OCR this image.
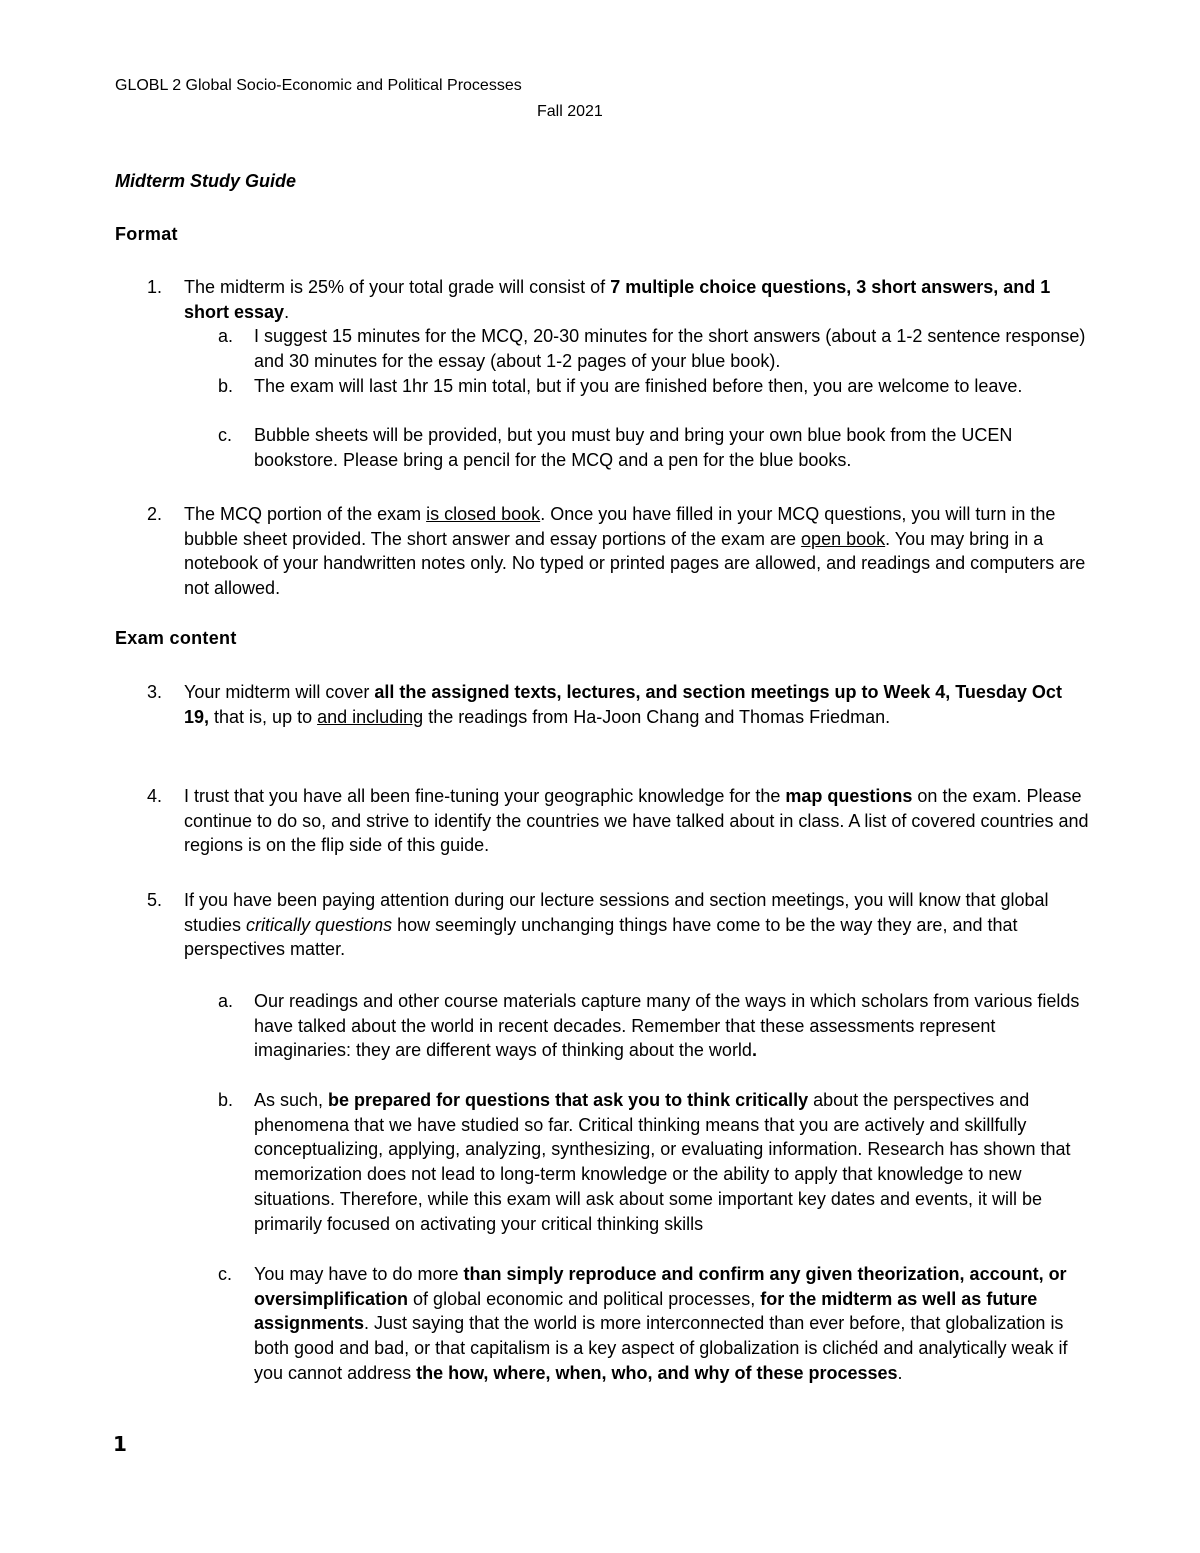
GLOBL 2 Global Socio-Economic and Political Processes
Fall 2021
Midterm Study Guide
Format
1. The midterm is 25% of your total grade will consist of 7 multiple choice questions, 3 short answers, and 1 short essay.
a. I suggest 15 minutes for the MCQ, 20-30 minutes for the short answers (about a 1-2 sentence response) and 30 minutes for the essay (about 1-2 pages of your blue book).
b. The exam will last 1hr 15 min total, but if you are finished before then, you are welcome to leave.
c. Bubble sheets will be provided, but you must buy and bring your own blue book from the UCEN bookstore. Please bring a pencil for the MCQ and a pen for the blue books.
2. The MCQ portion of the exam is closed book. Once you have filled in your MCQ questions, you will turn in the bubble sheet provided. The short answer and essay portions of the exam are open book. You may bring in a notebook of your handwritten notes only. No typed or printed pages are allowed, and readings and computers are not allowed.
Exam content
3. Your midterm will cover all the assigned texts, lectures, and section meetings up to Week 4, Tuesday Oct 19, that is, up to and including the readings from Ha-Joon Chang and Thomas Friedman.
4. I trust that you have all been fine-tuning your geographic knowledge for the map questions on the exam. Please continue to do so, and strive to identify the countries we have talked about in class. A list of covered countries and regions is on the flip side of this guide.
5. If you have been paying attention during our lecture sessions and section meetings, you will know that global studies critically questions how seemingly unchanging things have come to be the way they are, and that perspectives matter.
a. Our readings and other course materials capture many of the ways in which scholars from various fields have talked about the world in recent decades. Remember that these assessments represent imaginaries: they are different ways of thinking about the world.
b. As such, be prepared for questions that ask you to think critically about the perspectives and phenomena that we have studied so far. Critical thinking means that you are actively and skillfully conceptualizing, applying, analyzing, synthesizing, or evaluating information. Research has shown that memorization does not lead to long-term knowledge or the ability to apply that knowledge to new situations. Therefore, while this exam will ask about some important key dates and events, it will be primarily focused on activating your critical thinking skills
c. You may have to do more than simply reproduce and confirm any given theorization, account, or oversimplification of global economic and political processes, for the midterm as well as future assignments. Just saying that the world is more interconnected than ever before, that globalization is both good and bad, or that capitalism is a key aspect of globalization is clichéd and analytically weak if you cannot address the how, where, when, who, and why of these processes.
1
